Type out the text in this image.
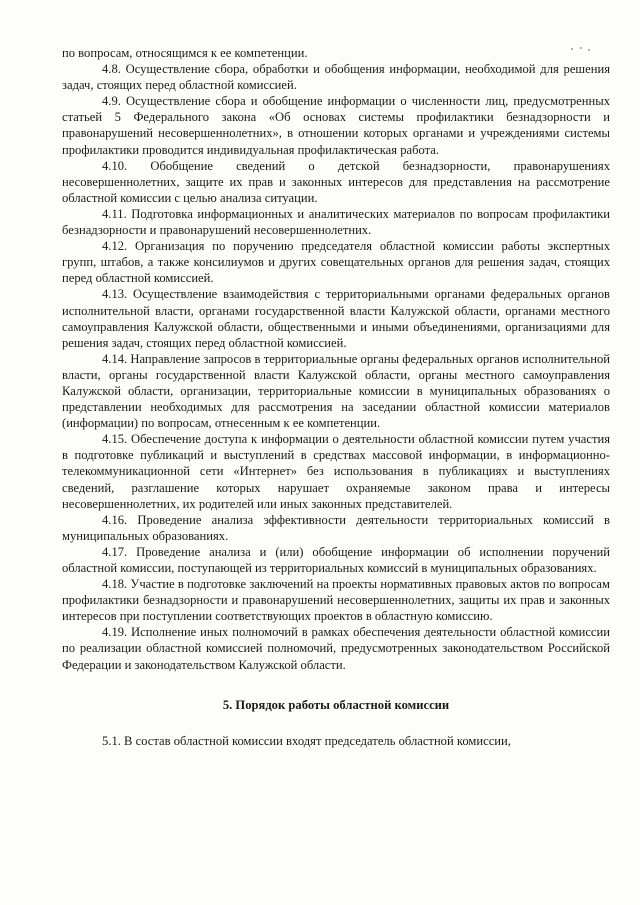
по вопросам, относящимся к ее компетенции.

4.8. Осуществление сбора, обработки и обобщения информации, необходимой для решения задач, стоящих перед областной комиссией.

4.9. Осуществление сбора и обобщение информации о численности лиц, предусмотренных статьей 5 Федерального закона «Об основах системы профилактики безнадзорности и правонарушений несовершеннолетних», в отношении которых органами и учреждениями системы профилактики проводится индивидуальная профилактическая работа.

4.10. Обобщение сведений о детской безнадзорности, правонарушениях несовершеннолетних, защите их прав и законных интересов для представления на рассмотрение областной комиссии с целью анализа ситуации.

4.11. Подготовка информационных и аналитических материалов по вопросам профилактики безнадзорности и правонарушений несовершеннолетних.

4.12. Организация по поручению председателя областной комиссии работы экспертных групп, штабов, а также консилиумов и других совещательных органов для решения задач, стоящих перед областной комиссией.

4.13. Осуществление взаимодействия с территориальными органами федеральных органов исполнительной власти, органами государственной власти Калужской области, органами местного самоуправления Калужской области, общественными и иными объединениями, организациями для решения задач, стоящих перед областной комиссией.

4.14. Направление запросов в территориальные органы федеральных органов исполнительной власти, органы государственной власти Калужской области, органы местного самоуправления Калужской области, организации, территориальные комиссии в муниципальных образованиях о представлении необходимых для рассмотрения на заседании областной комиссии материалов (информации) по вопросам, отнесенным к ее компетенции.

4.15. Обеспечение доступа к информации о деятельности областной комиссии путем участия в подготовке публикаций и выступлений в средствах массовой информации, в информационно-телекоммуникационной сети «Интернет» без использования в публикациях и выступлениях сведений, разглашение которых нарушает охраняемые законом права и интересы несовершеннолетних, их родителей или иных законных представителей.

4.16. Проведение анализа эффективности деятельности территориальных комиссий в муниципальных образованиях.

4.17. Проведение анализа и (или) обобщение информации об исполнении поручений областной комиссии, поступающей из территориальных комиссий в муниципальных образованиях.

4.18. Участие в подготовке заключений на проекты нормативных правовых актов по вопросам профилактики безнадзорности и правонарушений несовершеннолетних, защиты их прав и законных интересов при поступлении соответствующих проектов в областную комиссию.

4.19. Исполнение иных полномочий в рамках обеспечения деятельности областной комиссии по реализации областной комиссией полномочий, предусмотренных законодательством Российской Федерации и законодательством Калужской области.

5. Порядок работы областной комиссии

5.1. В состав областной комиссии входят председатель областной комиссии,
